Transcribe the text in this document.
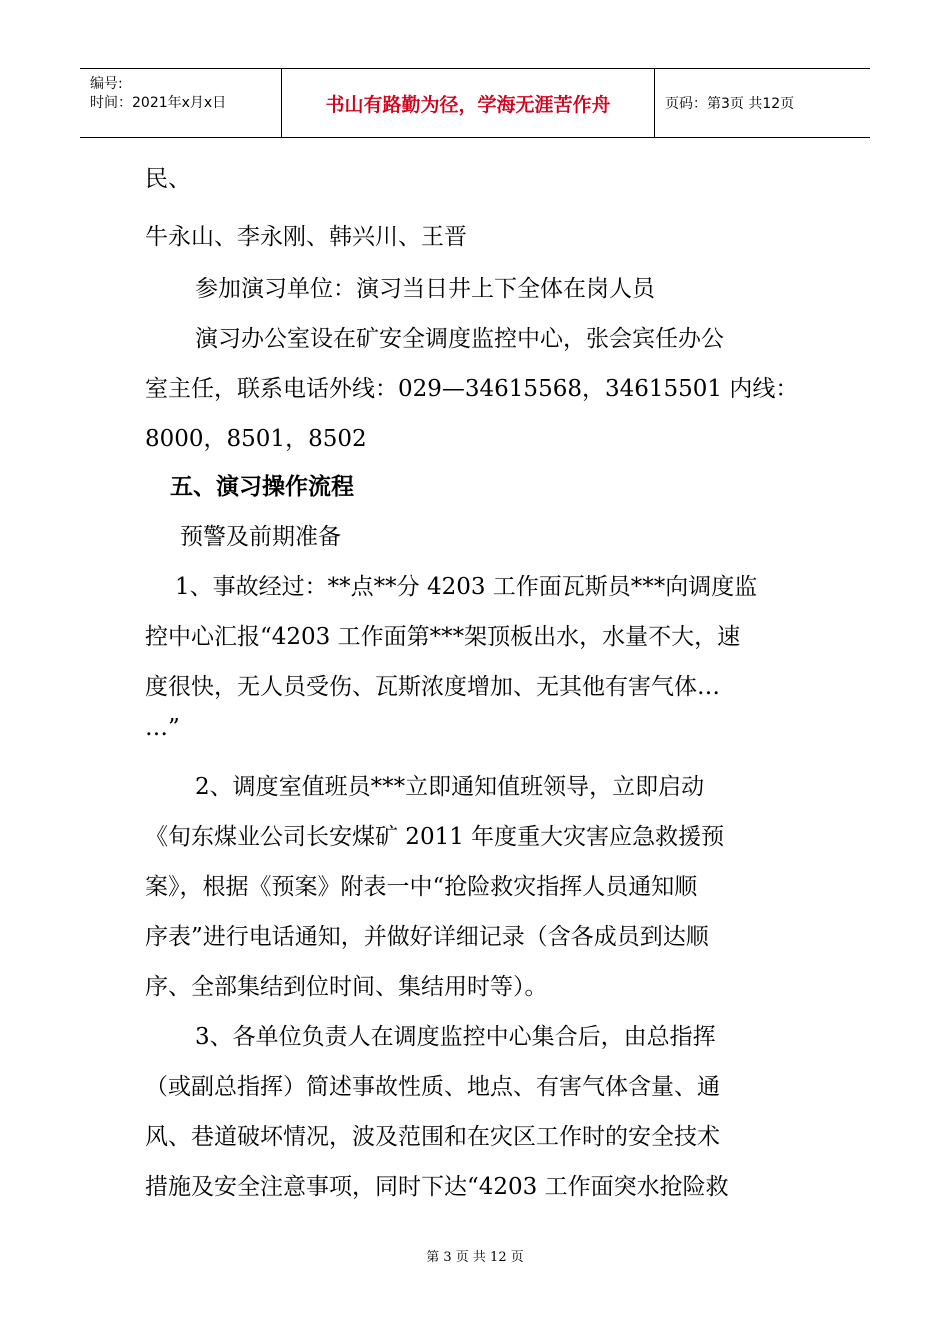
编号:
时间：2021年x月x日	书山有路勤为径，学海无涯苦作舟	页码：第3页 共12页
民、
牛永山、李永刚、韩兴川、王晋
参加演习单位：演习当日井上下全体在岗人员
演习办公室设在矿安全调度监控中心，张会宾任办公
室主任，联系电话外线：029—34615568，34615501 内线：
8000，8501，8502
五、演习操作流程
预警及前期准备
1、事故经过：**点**分 4203 工作面瓦斯员***向调度监
控中心汇报“4203 工作面第***架顶板出水，水量不大，速
度很快，无人员受伤、瓦斯浓度增加、无其他有害气体…
…”
2、调度室值班员***立即通知值班领导，立即启动
《旬东煤业公司长安煤矿 2011 年度重大灾害应急救援预
案》，根据《预案》附表一中“抢险救灾指挥人员通知顺
序表”进行电话通知，并做好详细记录（含各成员到达顺
序、全部集结到位时间、集结用时等）。
3、各单位负责人在调度监控中心集合后，由总指挥
（或副总指挥）简述事故性质、地点、有害气体含量、通
风、巷道破坏情况，波及范围和在灾区工作时的安全技术
措施及安全注意事项，同时下达“4203 工作面突水抢险救
第 3 页 共 12 页
